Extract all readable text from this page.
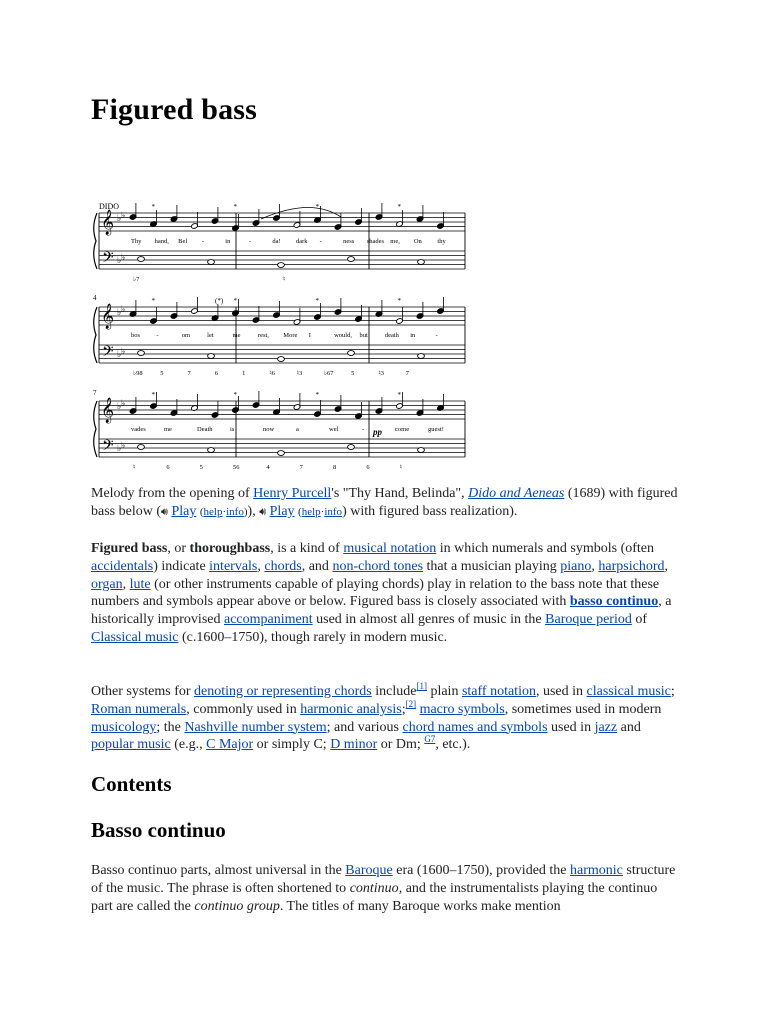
Figured bass
DIDO
𝄞
𝄢
♭ ♭
♭ ♭
*	*	*	*
Thy hand, Bel -	in	-	da! dark -	ness shades me, On thy
♭7	♮
𝄞
𝄢
♭ ♭
♭ ♭
*	*	*	*
bos	-	om	let	me	rest, More I	would, but	death in	-
♭98	5	7	6	1	♮6	♮3	♭67	5	♮3	7
𝄞
𝄢
♭ ♭
♭ ♭
*	*	*	*
vades	me	Death	is	now	a	wel	-	come	guest!
♮	6	5	56	4	7	8	6	♮
4
7
(*)
pp

Melody from the opening of Henry Purcell's "Thy Hand, Belinda", Dido and Aeneas (1689) with figured bass below (🔊︎ Play (help·info)), 🔊︎ Play (help·info) with figured bass realization).

Figured bass, or thoroughbass, is a kind of musical notation in which numerals and symbols (often accidentals) indicate intervals, chords, and non-chord tones that a musician playing piano, harpsichord, organ, lute (or other instruments capable of playing chords) play in relation to the bass note that these numbers and symbols appear above or below. Figured bass is closely associated with basso continuo, a historically improvised accompaniment used in almost all genres of music in the Baroque period of Classical music (c.1600–1750), though rarely in modern music.

Other systems for denoting or representing chords include[1] plain staff notation, used in classical music; Roman numerals, commonly used in harmonic analysis;[2] macro symbols, sometimes used in modern musicology; the Nashville number system; and various chord names and symbols used in jazz and popular music (e.g., C Major or simply C; D minor or Dm; $^{G7}$, etc.).

Contents
Basso continuo

Basso continuo parts, almost universal in the Baroque era (1600–1750), provided the harmonic structure of the music. The phrase is often shortened to continuo, and the instrumentalists playing the continuo part are called the continuo group. The titles of many Baroque works make mention
